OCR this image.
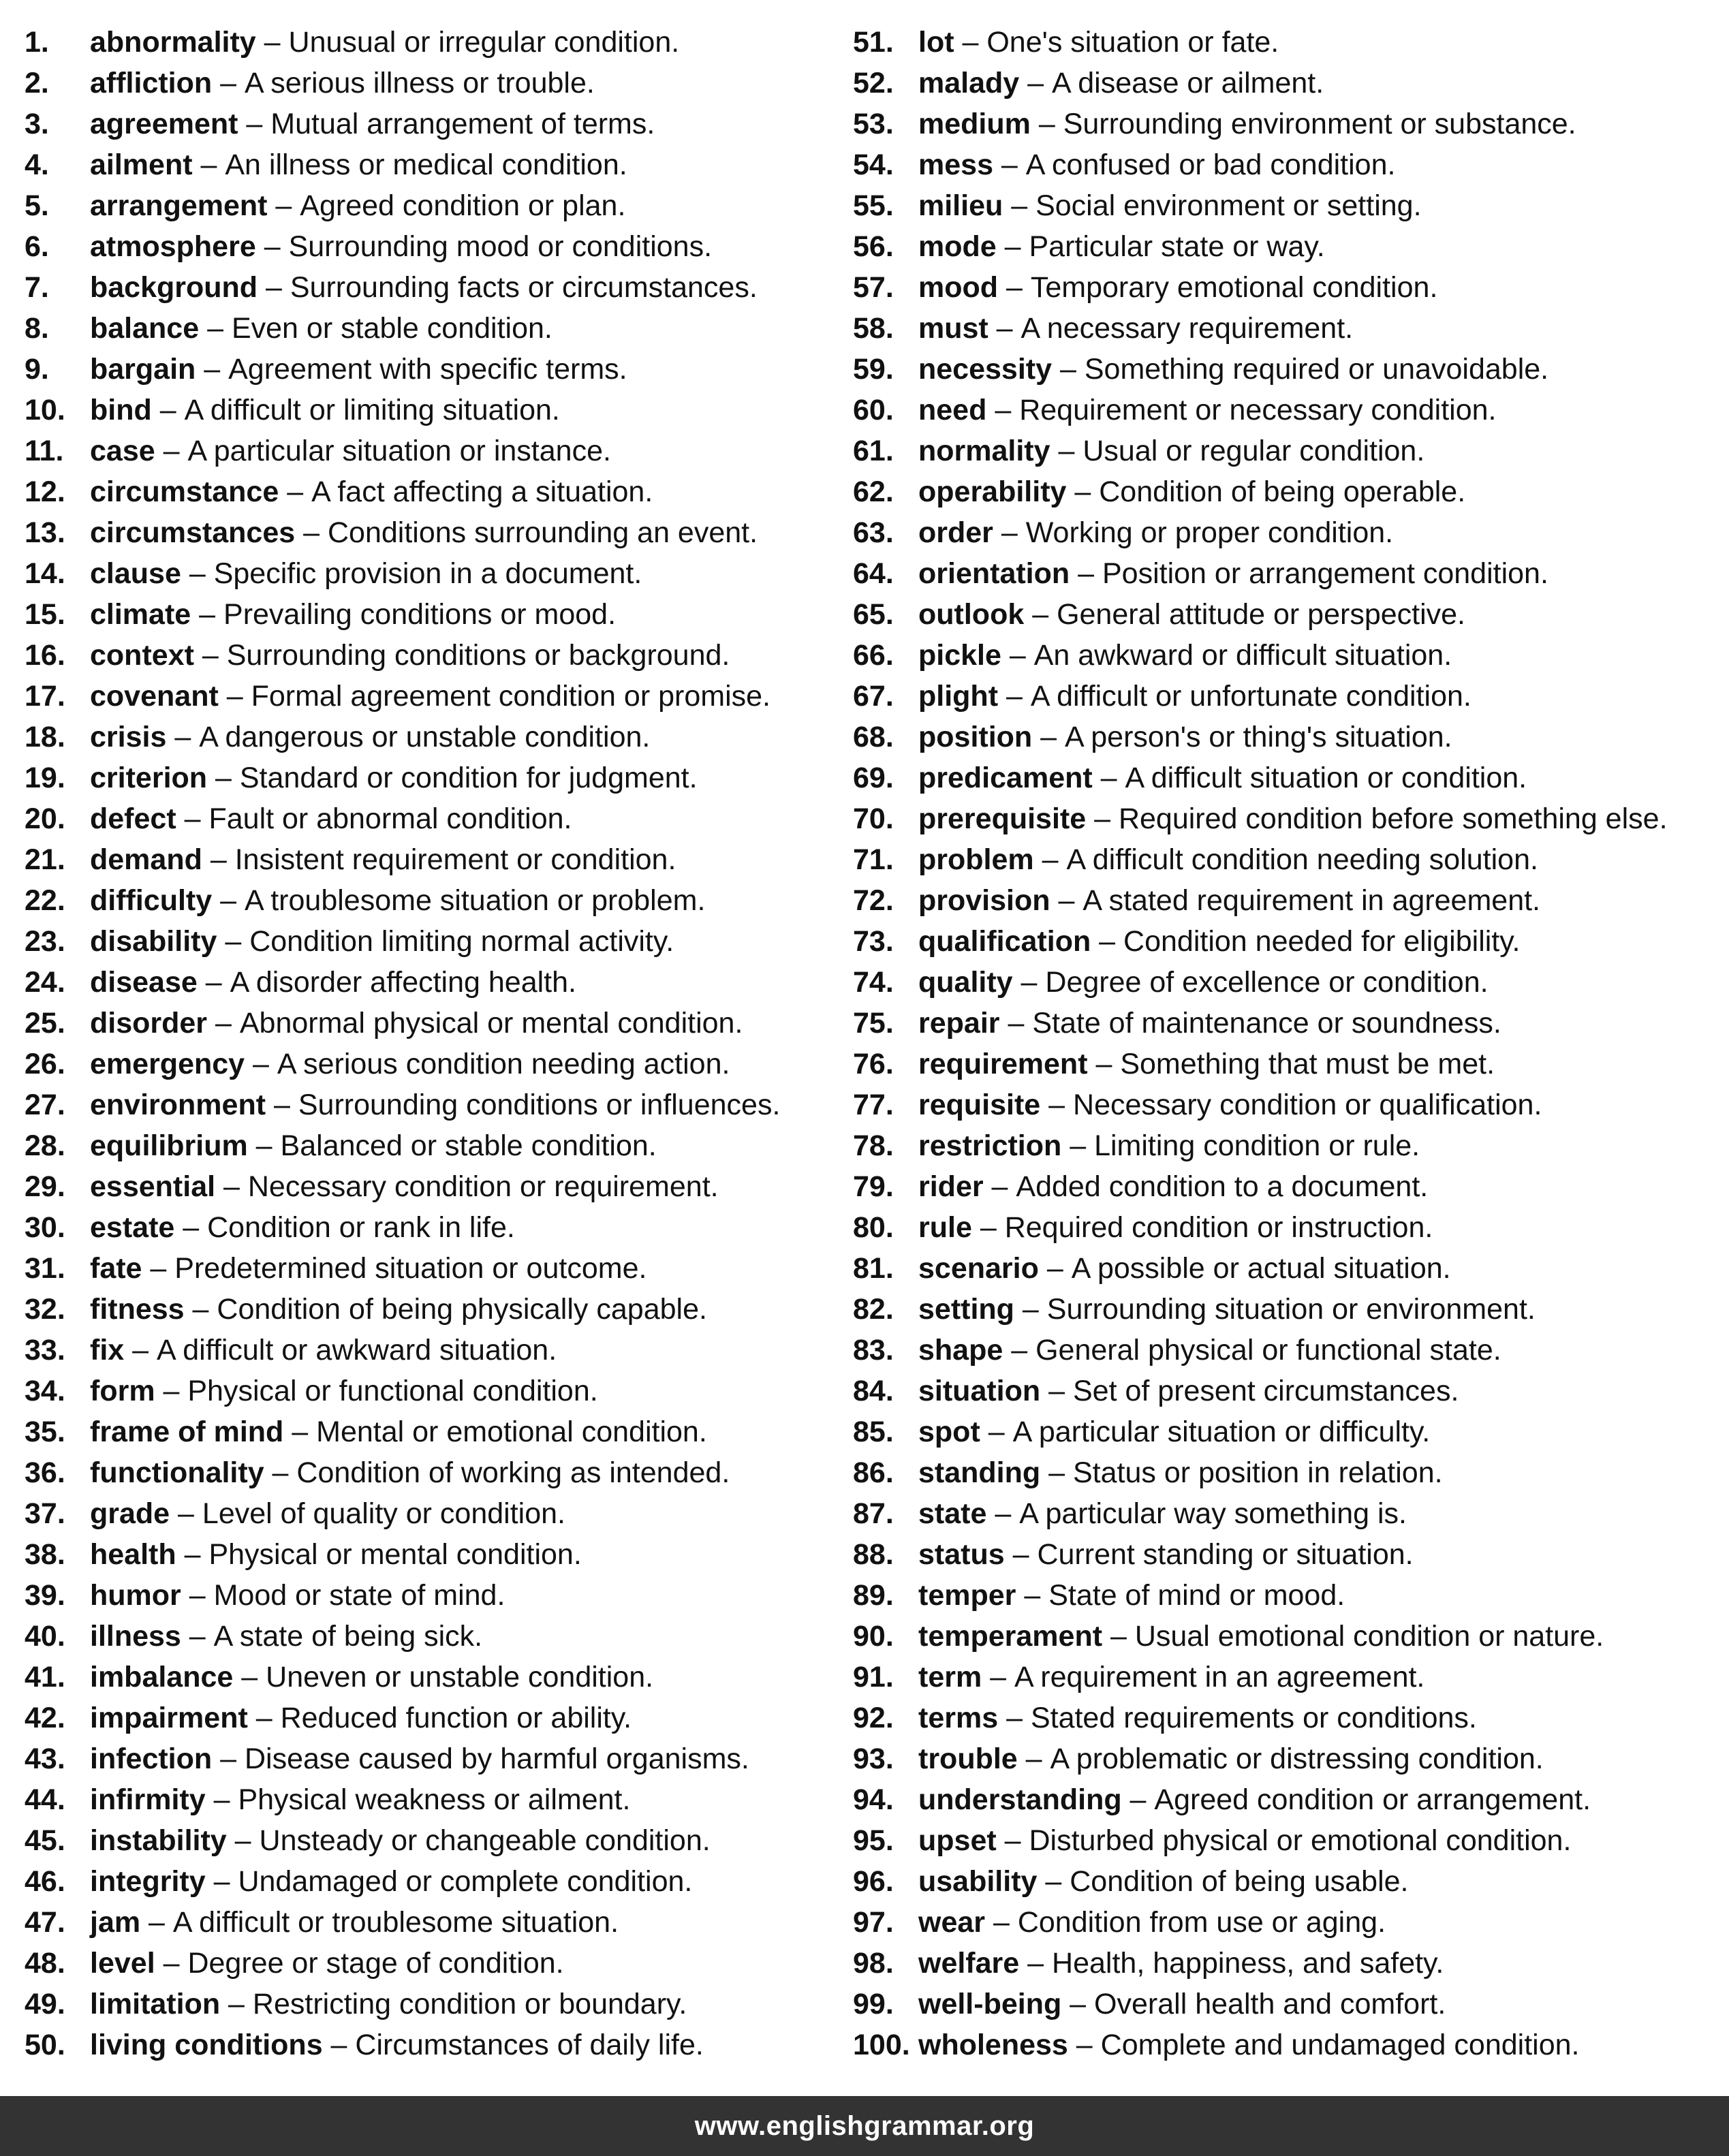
1.	abnormality – Unusual or irregular condition.
2.	affliction – A serious illness or trouble.
3.	agreement – Mutual arrangement of terms.
4.	ailment – An illness or medical condition.
5.	arrangement – Agreed condition or plan.
6.	atmosphere – Surrounding mood or conditions.
7.	background – Surrounding facts or circumstances.
8.	balance – Even or stable condition.
9.	bargain – Agreement with specific terms.
10. bind – A difficult or limiting situation.
11. case – A particular situation or instance.
12. circumstance – A fact affecting a situation.
13. circumstances – Conditions surrounding an event.
14. clause – Specific provision in a document.
15. climate – Prevailing conditions or mood.
16. context – Surrounding conditions or background.
17. covenant – Formal agreement condition or promise.
18. crisis – A dangerous or unstable condition.
19. criterion – Standard or condition for judgment.
20. defect – Fault or abnormal condition.
21. demand – Insistent requirement or condition.
22. difficulty – A troublesome situation or problem.
23. disability – Condition limiting normal activity.
24. disease – A disorder affecting health.
25. disorder – Abnormal physical or mental condition.
26. emergency – A serious condition needing action.
27. environment – Surrounding conditions or influences.
28. equilibrium – Balanced or stable condition.
29. essential – Necessary condition or requirement.
30. estate – Condition or rank in life.
31. fate – Predetermined situation or outcome.
32. fitness – Condition of being physically capable.
33. fix – A difficult or awkward situation.
34. form – Physical or functional condition.
35. frame of mind – Mental or emotional condition.
36. functionality – Condition of working as intended.
37. grade – Level of quality or condition.
38. health – Physical or mental condition.
39. humor – Mood or state of mind.
40. illness – A state of being sick.
41. imbalance – Uneven or unstable condition.
42. impairment – Reduced function or ability.
43. infection – Disease caused by harmful organisms.
44. infirmity – Physical weakness or ailment.
45. instability – Unsteady or changeable condition.
46. integrity – Undamaged or complete condition.
47. jam – A difficult or troublesome situation.
48. level – Degree or stage of condition.
49. limitation – Restricting condition or boundary.
50. living conditions – Circumstances of daily life.
51. lot – One's situation or fate.
52. malady – A disease or ailment.
53. medium – Surrounding environment or substance.
54. mess – A confused or bad condition.
55. milieu – Social environment or setting.
56. mode – Particular state or way.
57. mood – Temporary emotional condition.
58. must – A necessary requirement.
59. necessity – Something required or unavoidable.
60. need – Requirement or necessary condition.
61. normality – Usual or regular condition.
62. operability – Condition of being operable.
63. order – Working or proper condition.
64. orientation – Position or arrangement condition.
65. outlook – General attitude or perspective.
66. pickle – An awkward or difficult situation.
67. plight – A difficult or unfortunate condition.
68. position – A person's or thing's situation.
69. predicament – A difficult situation or condition.
70. prerequisite – Required condition before something else.
71. problem – A difficult condition needing solution.
72. provision – A stated requirement in agreement.
73. qualification – Condition needed for eligibility.
74. quality – Degree of excellence or condition.
75. repair – State of maintenance or soundness.
76. requirement – Something that must be met.
77. requisite – Necessary condition or qualification.
78. restriction – Limiting condition or rule.
79. rider – Added condition to a document.
80. rule – Required condition or instruction.
81. scenario – A possible or actual situation.
82. setting – Surrounding situation or environment.
83. shape – General physical or functional state.
84. situation – Set of present circumstances.
85. spot – A particular situation or difficulty.
86. standing – Status or position in relation.
87. state – A particular way something is.
88. status – Current standing or situation.
89. temper – State of mind or mood.
90. temperament – Usual emotional condition or nature.
91. term – A requirement in an agreement.
92. terms – Stated requirements or conditions.
93. trouble – A problematic or distressing condition.
94. understanding – Agreed condition or arrangement.
95. upset – Disturbed physical or emotional condition.
96. usability – Condition of being usable.
97. wear – Condition from use or aging.
98. welfare – Health, happiness, and safety.
99. well-being – Overall health and comfort.
100. wholeness – Complete and undamaged condition.
www.englishgrammar.org
